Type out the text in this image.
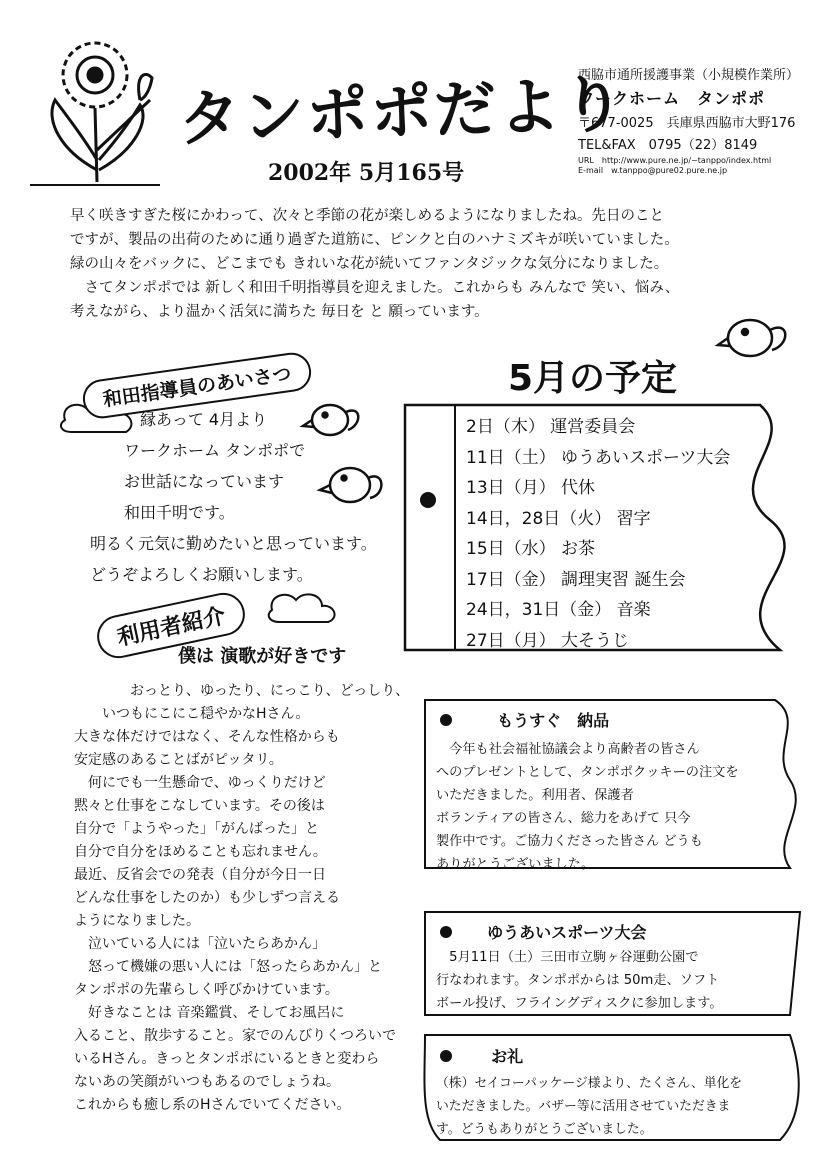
タンポポだより
2002年 5月165号
西脇市通所援護事業（小規模作業所）
ワークホーム　タンポポ
〒677-0025　兵庫県西脇市大野176
TEL&FAX　0795（22）8149
URL　http://www.pure.ne.jp/~tanppo/index.html
E-mail　w.tanppo@pure02.pure.ne.jp

早く咲きすぎた桜にかわって、次々と季節の花が楽しめるようになりましたね。先日のこと

ですが、製品の出荷のために通り過ぎた道筋に、ピンクと白のハナミズキが咲いていました。

緑の山々をバックに、どこまでも きれいな花が続いてファンタジックな気分になりました。

　さてタンポポでは 新しく和田千明指導員を迎えました。これからも みんなで 笑い、悩み、

考えながら、より温かく活気に満ちた 毎日を と 願っています。

和田指導員のあいさつ
　　縁あって 4月より
　ワークホーム タンポポで
　お世話になっています
　和田千明です。
明るく元気に勤めたいと思っています。
どうぞよろしくお願いします。
利用者紹介
僕は 演歌が好きです
　　　　おっとり、ゆったり、にっこり、どっしり、
　　いつもにこにこ穏やかなHさん。
大きな体だけではなく、そんな性格からも
安定感のあることばがピッタリ。
　何にでも一生懸命で、ゆっくりだけど
黙々と仕事をこなしています。その後は
自分で「ようやった」「がんばった」と
自分で自分をほめることも忘れません。
最近、反省会での発表（自分が今日一日
どんな仕事をしたのか）も少しずつ言える
ようになりました。
　泣いている人には「泣いたらあかん」
　怒って機嫌の悪い人には「怒ったらあかん」と
タンポポの先輩らしく呼びかけています。
　好きなことは 音楽鑑賞、そしてお風呂に
入ること、散歩すること。家でのんびりくつろいで
いるHさん。きっとタンポポにいるときと変わら
ないあの笑顔がいつもあるのでしょうね。
これからも癒し系のHさんでいてください。
5月の予定
2日（木） 運営委員会
11日（土） ゆうあいスポーツ大会
13日（月） 代休
14日，28日（火） 習字
15日（水） お茶
17日（金） 調理実習 誕生会
24日，31日（金） 音楽
27日（月） 大そうじ
もうすぐ　納品
　今年も社会福祉協議会より高齢者の皆さん
へのプレゼントとして、タンポポクッキーの注文を
いただきました。利用者、保護者
ボランティアの皆さん、総力をあげて 只今
製作中です。ご協力くださった皆さん どうも
ありがとうございました。
ゆうあいスポーツ大会
　5月11日（土）三田市立駒ヶ谷運動公園で
行なわれます。タンポポからは 50m走、ソフト
ボール投げ、フライングディスクに参加します。
お礼
（株）セイコーパッケージ様より、たくさん、単化を
いただきました。バザー等に活用させていただきま
す。どうもありがとうございました。
